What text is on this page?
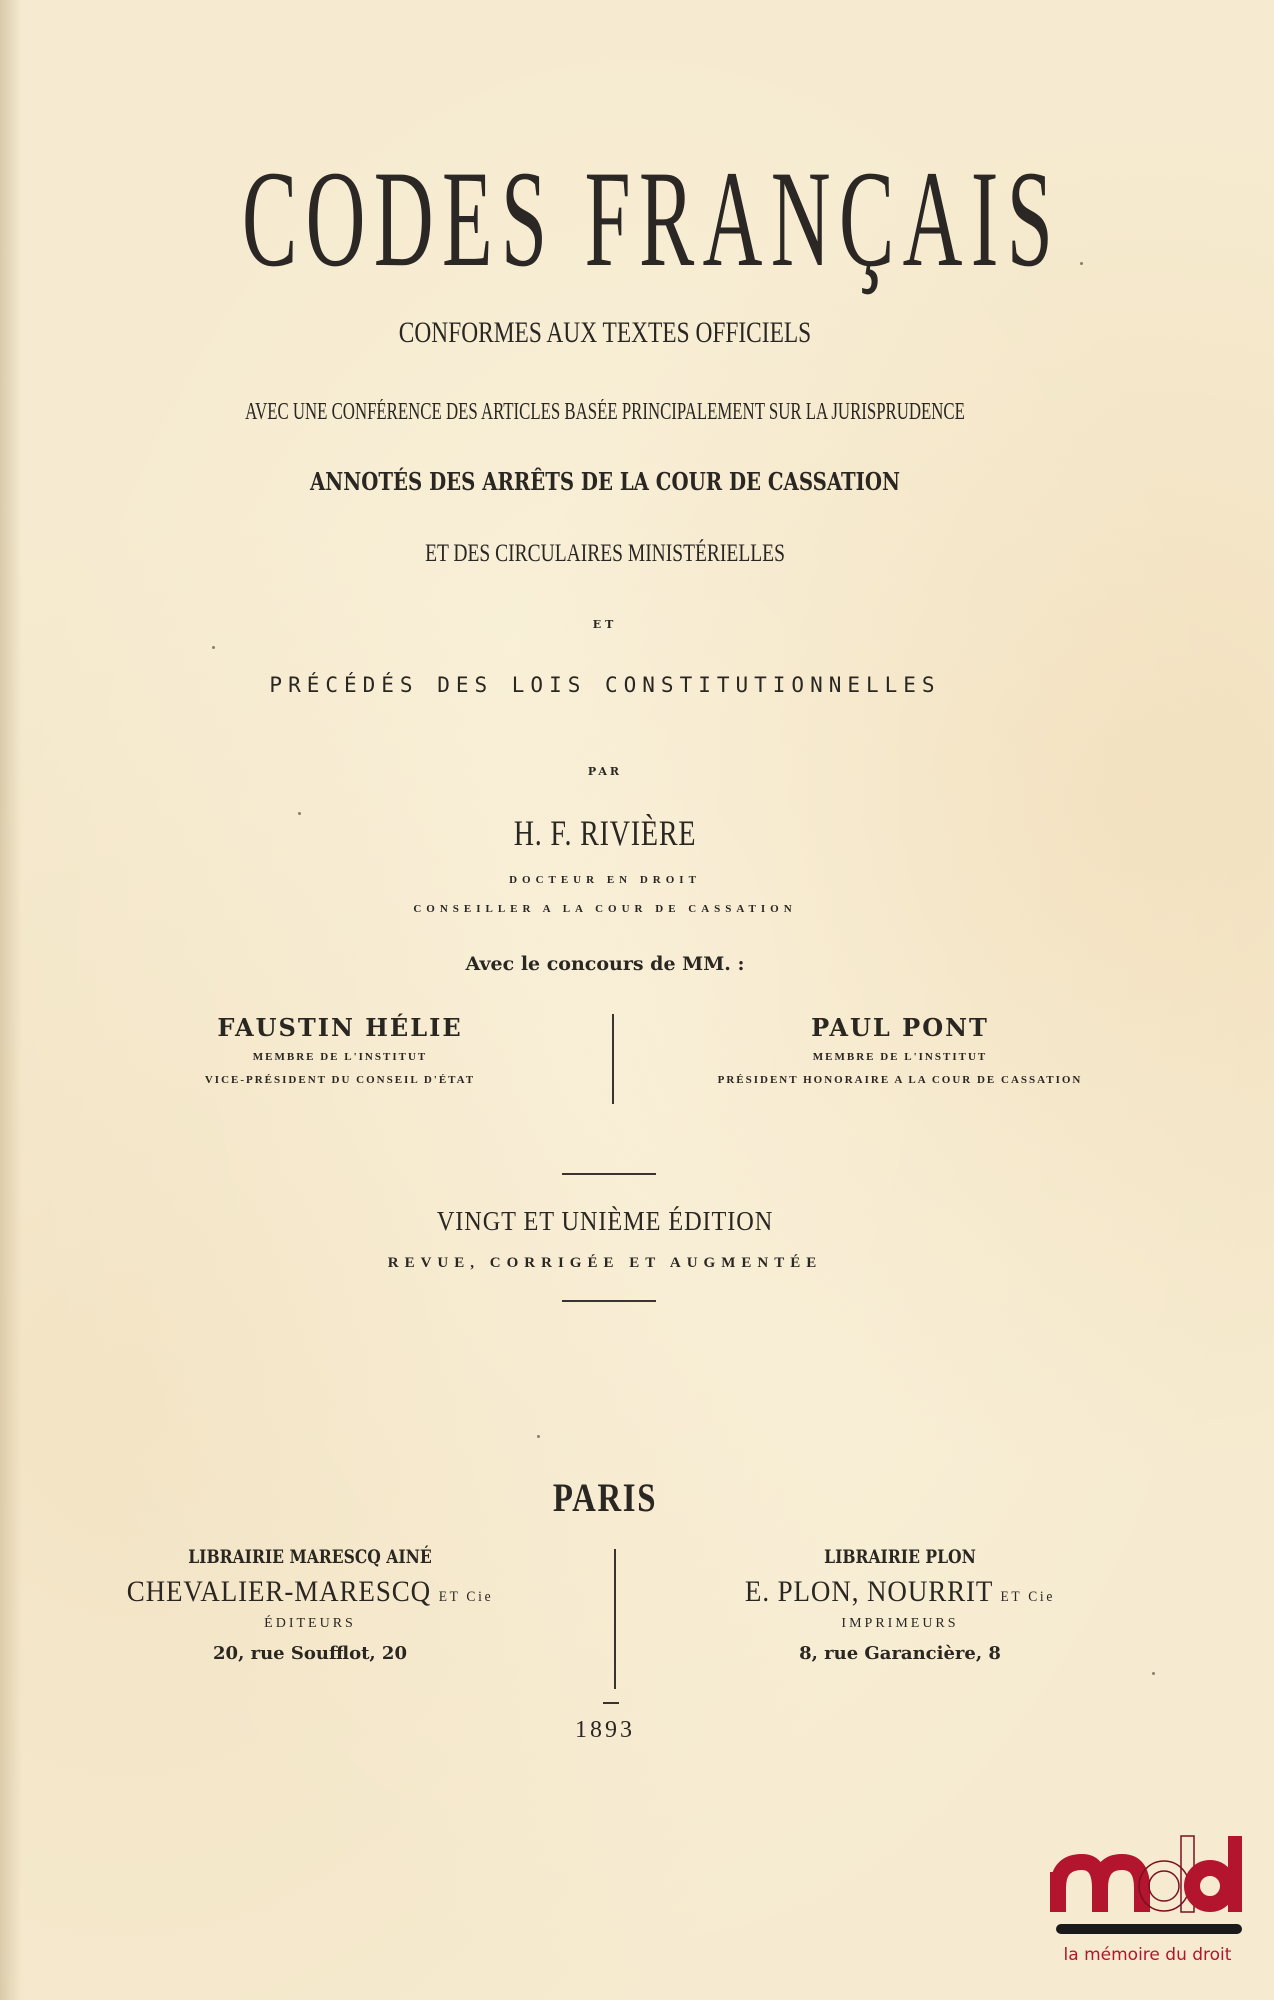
CODES FRANÇAIS
CONFORMES AUX TEXTES OFFICIELS
AVEC UNE CONFÉRENCE DES ARTICLES BASÉE PRINCIPALEMENT SUR LA JURISPRUDENCE
ANNOTÉS DES ARRÊTS DE LA COUR DE CASSATION
ET DES CIRCULAIRES MINISTÉRIELLES
ET
PRÉCÉDÉS DES LOIS CONSTITUTIONNELLES
PAR
H. F. RIVIÈRE
DOCTEUR EN DROIT
CONSEILLER A LA COUR DE CASSATION
Avec le concours de MM. :
FAUSTIN HÉLIE
MEMBRE DE L'INSTITUT
VICE-PRÉSIDENT DU CONSEIL D'ÉTAT
PAUL PONT
MEMBRE DE L'INSTITUT
PRÉSIDENT HONORAIRE A LA COUR DE CASSATION
VINGT ET UNIÈME ÉDITION
REVUE, CORRIGÉE ET AUGMENTÉE
PARIS
LIBRAIRIE MARESCQ AINÉ
CHEVALIER-MARESCQ ET Cie
ÉDITEURS
20, rue Soufflot, 20
LIBRAIRIE PLON
E. PLON, NOURRIT ET Cie
IMPRIMEURS
8, rue Garancière, 8
1893
la mémoire du droit
